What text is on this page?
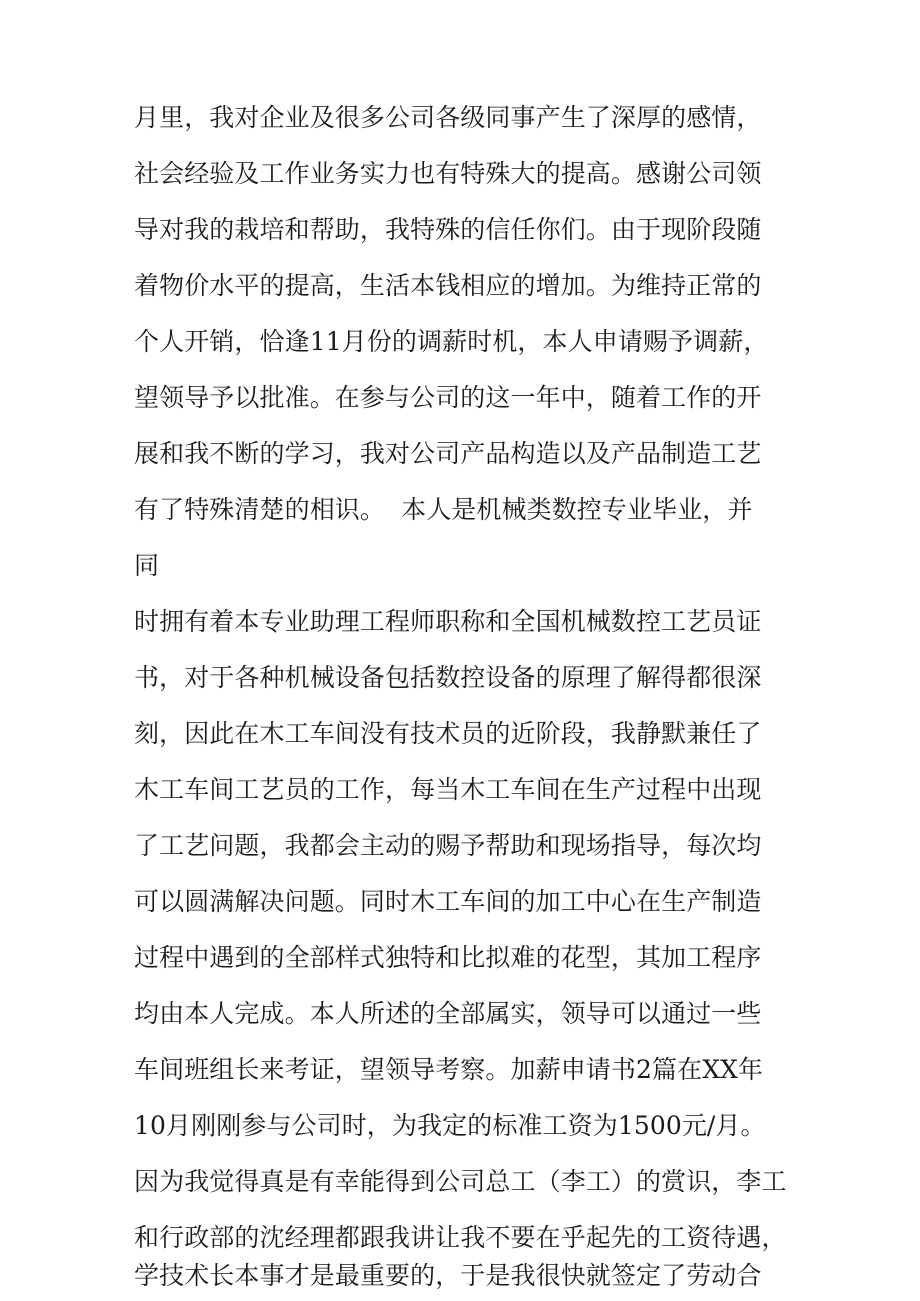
月里，我对企业及很多公司各级同事产生了深厚的感情，
社会经验及工作业务实力也有特殊大的提高。感谢公司领
导对我的栽培和帮助，我特殊的信任你们。由于现阶段随
着物价水平的提高，生活本钱相应的增加。为维持正常的
个人开销，恰逢11月份的调薪时机，本人申请赐予调薪，
望领导予以批准。在参与公司的这一年中，随着工作的开
展和我不断的学习，我对公司产品构造以及产品制造工艺
有了特殊清楚的相识。  本人是机械类数控专业毕业，并
同
时拥有着本专业助理工程师职称和全国机械数控工艺员证
书，对于各种机械设备包括数控设备的原理了解得都很深
刻，因此在木工车间没有技术员的近阶段，我静默兼任了
木工车间工艺员的工作，每当木工车间在生产过程中出现
了工艺问题，我都会主动的赐予帮助和现场指导，每次均
可以圆满解决问题。同时木工车间的加工中心在生产制造
过程中遇到的全部样式独特和比拟难的花型，其加工程序
均由本人完成。本人所述的全部属实，领导可以通过一些
车间班组长来考证，望领导考察。加薪申请书2篇在XX年
10月刚刚参与公司时，为我定的标准工资为1500元/月。
因为我觉得真是有幸能得到公司总工（李工）的赏识，李工
和行政部的沈经理都跟我讲让我不要在乎起先的工资待遇，
学技术长本事才是最重要的，于是我很快就签定了劳动合
